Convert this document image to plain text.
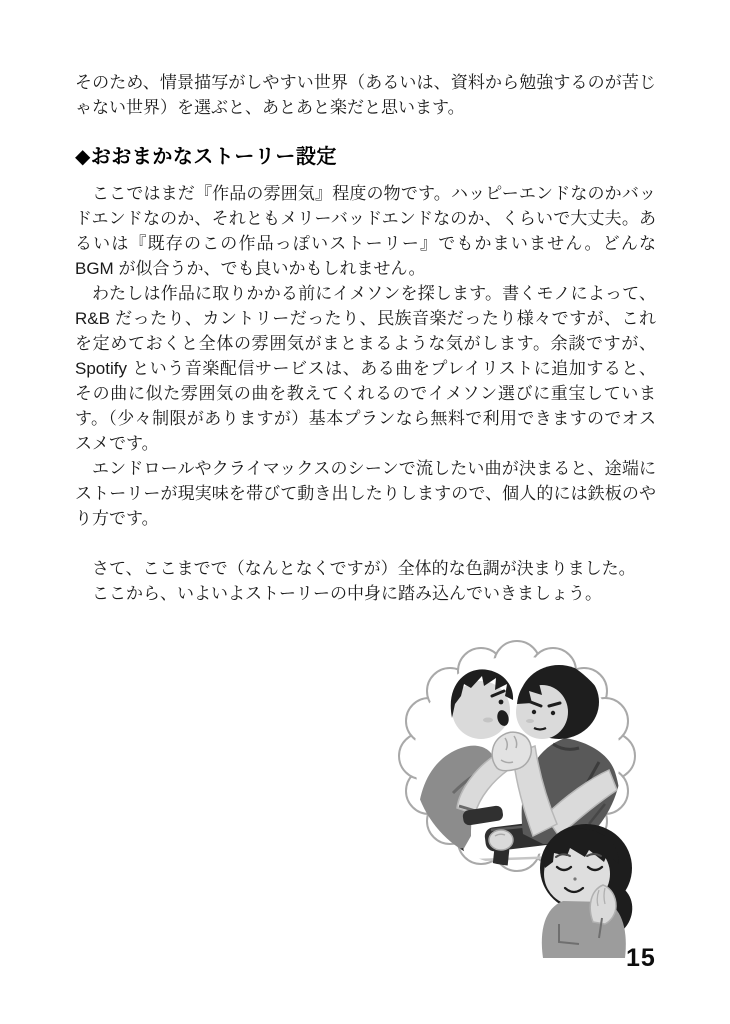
そのため、情景描写がしやすい世界（あるいは、資料から勉強するのが苦じゃない世界）を選ぶと、あとあと楽だと思います。

◆おおまかなストーリー設定

ここではまだ『作品の雰囲気』程度の物です。ハッピーエンドなのかバッドエンドなのか、それともメリーバッドエンドなのか、くらいで大丈夫。あるいは『既存のこの作品っぽいストーリー』でもかまいません。どんな BGM が似合うか、でも良いかもしれません。

わたしは作品に取りかかる前にイメソンを探します。書くモノによって、R&B だったり、カントリーだったり、民族音楽だったり様々ですが、これを定めておくと全体の雰囲気がまとまるような気がします。余談ですが、Spotify という音楽配信サービスは、ある曲をプレイリストに追加すると、その曲に似た雰囲気の曲を教えてくれるのでイメソン選びに重宝しています。（少々制限がありますが）基本プランなら無料で利用できますのでオススメです。

エンドロールやクライマックスのシーンで流したい曲が決まると、途端にストーリーが現実味を帯びて動き出したりしますので、個人的には鉄板のやり方です。

さて、ここまでで（なんとなくですが）全体的な色調が決まりました。

ここから、いよいよストーリーの中身に踏み込んでいきましょう。

15
